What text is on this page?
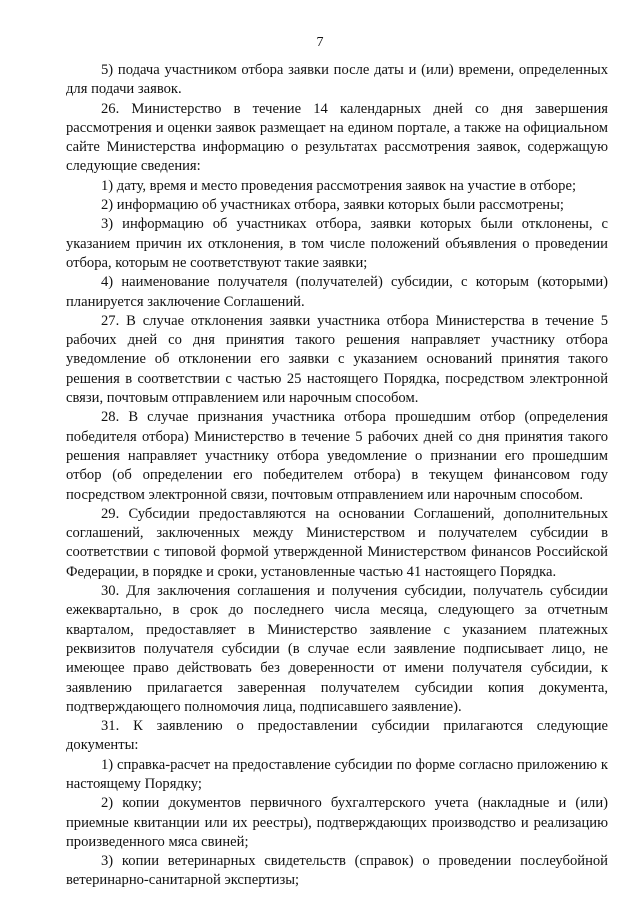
7

5) подача участником отбора заявки после даты и (или) времени, определенных для подачи заявок.

26. Министерство в течение 14 календарных дней со дня завершения рассмотрения и оценки заявок размещает на едином портале, а также на официальном сайте Министерства информацию о результатах рассмотрения заявок, содержащую следующие сведения:

1) дату, время и место проведения рассмотрения заявок на участие в отборе;

2) информацию об участниках отбора, заявки которых были рассмотрены;

3) информацию об участниках отбора, заявки которых были отклонены, с указанием причин их отклонения, в том числе положений объявления о проведении отбора, которым не соответствуют такие заявки;

4) наименование получателя (получателей) субсидии, с которым (которыми) планируется заключение Соглашений.

27. В случае отклонения заявки участника отбора Министерства в течение 5 рабочих дней со дня принятия такого решения направляет участнику отбора уведомление об отклонении его заявки с указанием оснований принятия такого решения в соответствии с частью 25 настоящего Порядка, посредством электронной связи, почтовым отправлением или нарочным способом.

28. В случае признания участника отбора прошедшим отбор (определения победителя отбора) Министерство в течение 5 рабочих дней со дня принятия такого решения направляет участнику отбора уведомление о признании его прошедшим отбор (об определении его победителем отбора) в текущем финансовом году посредством электронной связи, почтовым отправлением или нарочным способом.

29. Субсидии предоставляются на основании Соглашений, дополнительных соглашений, заключенных между Министерством и получателем субсидии в соответствии с типовой формой утвержденной Министерством финансов Российской Федерации, в порядке и сроки, установленные частью 41 настоящего Порядка.

30. Для заключения соглашения и получения субсидии, получатель субсидии ежеквартально, в срок до последнего числа месяца, следующего за отчетным кварталом, предоставляет в Министерство заявление с указанием платежных реквизитов получателя субсидии (в случае если заявление подписывает лицо, не имеющее право действовать без доверенности от имени получателя субсидии, к заявлению прилагается заверенная получателем субсидии копия документа, подтверждающего полномочия лица, подписавшего заявление).

31. К заявлению о предоставлении субсидии прилагаются следующие документы:

1) справка-расчет на предоставление субсидии по форме согласно приложению к настоящему Порядку;

2) копии документов первичного бухгалтерского учета (накладные и (или) приемные квитанции или их реестры), подтверждающих производство и реализацию произведенного мяса свиней;

3) копии ветеринарных свидетельств (справок) о проведении послеубойной ветеринарно-санитарной экспертизы;
